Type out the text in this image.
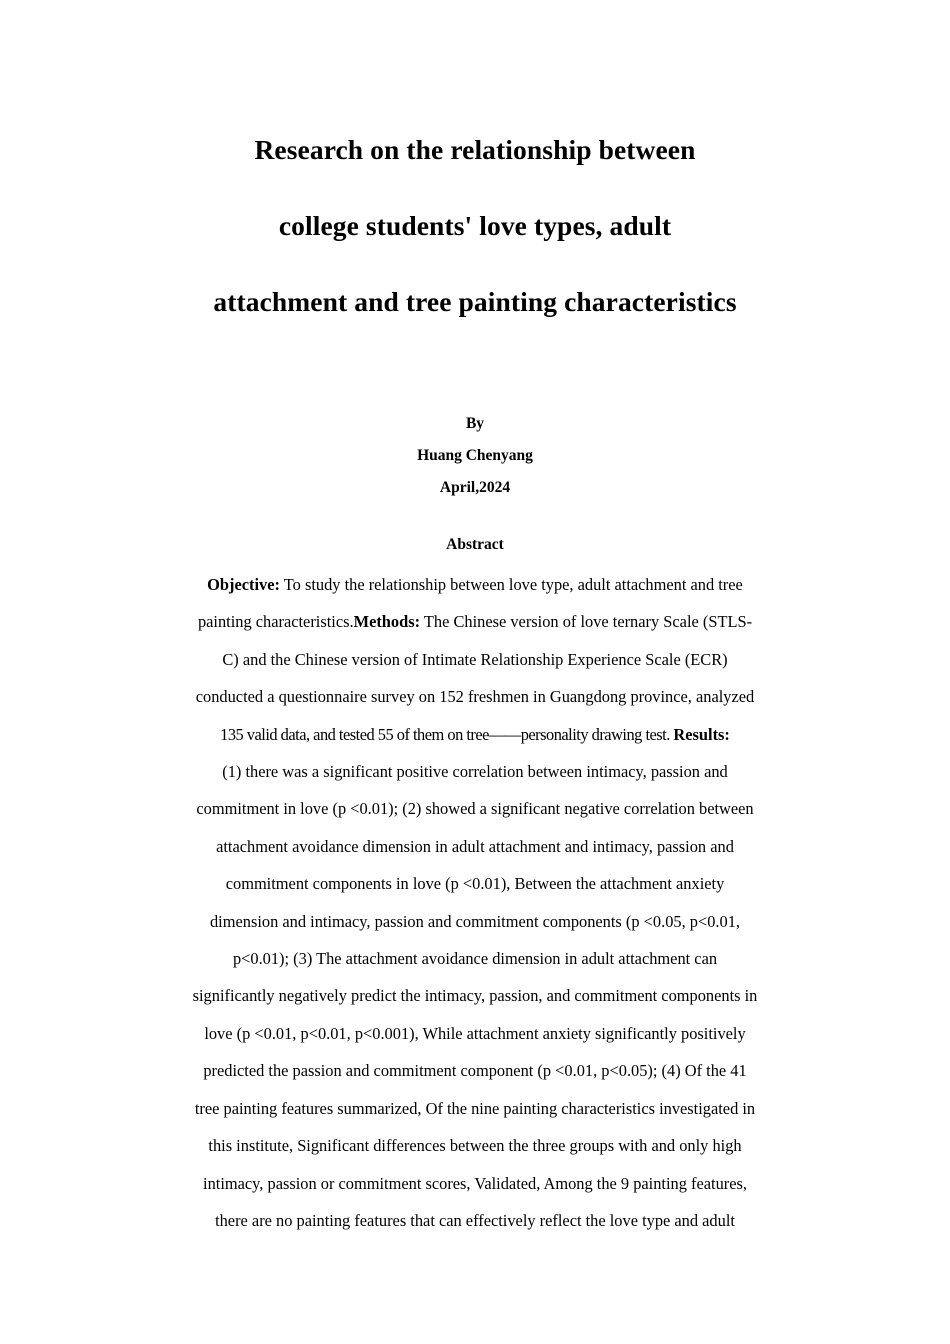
Research on the relationship between
college students' love types, adult
attachment and tree painting characteristics
By
Huang Chenyang
April,2024
Abstract
Objective: To study the relationship between love type, adult attachment and tree
painting characteristics.Methods: The Chinese version of love ternary Scale (STLS-
C) and the Chinese version of Intimate Relationship Experience Scale (ECR)
conducted a questionnaire survey on 152 freshmen in Guangdong province, analyzed
135 valid data, and tested 55 of them on tree——personality drawing test. Results:
(1) there was a significant positive correlation between intimacy, passion and
commitment in love (p <0.01); (2) showed a significant negative correlation between
attachment avoidance dimension in adult attachment and intimacy, passion and
commitment components in love (p <0.01), Between the attachment anxiety
dimension and intimacy, passion and commitment components (p <0.05, p<0.01,
p<0.01); (3) The attachment avoidance dimension in adult attachment can
significantly negatively predict the intimacy, passion, and commitment components in
love (p <0.01, p<0.01, p<0.001), While attachment anxiety significantly positively
predicted the passion and commitment component (p <0.01, p<0.05); (4) Of the 41
tree painting features summarized, Of the nine painting characteristics investigated in
this institute, Significant differences between the three groups with and only high
intimacy, passion or commitment scores, Validated, Among the 9 painting features,
there are no painting features that can effectively reflect the love type and adult
